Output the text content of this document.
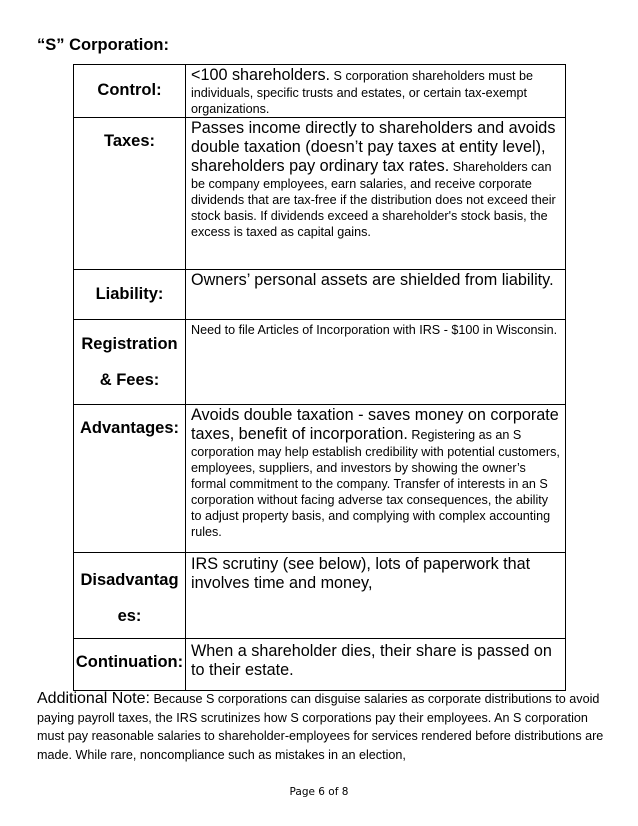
“S” Corporation:
Control:	<100 shareholders. S corporation shareholders must be individuals, specific trusts and estates, or certain tax-exempt organizations.

Taxes:	Passes income directly to shareholders and avoids double taxation (doesn’t pay taxes at entity level), shareholders pay ordinary tax rates. Shareholders can be company employees, earn salaries, and receive corporate dividends that are tax-free if the distribution does not exceed their stock basis. If dividends exceed a shareholder's stock basis, the excess is taxed as capital gains.

Liability:	Owners’ personal assets are shielded from liability.

Registration
& Fees:	Need to file Articles of Incorporation with IRS - $100 in Wisconsin.

Advantages:	Avoids double taxation - saves money on corporate taxes, benefit of incorporation. Registering as an S corporation may help establish credibility with potential customers, employees, suppliers, and investors by showing the owner’s formal commitment to the company. Transfer of interests in an S corporation without facing adverse tax consequences, the ability to adjust property basis, and complying with complex accounting rules.

Disadvantag
es:	IRS scrutiny (see below), lots of paperwork that involves time and money,

Continuation:	When a shareholder dies, their share is passed on to their estate.
Additional Note: Because S corporations can disguise salaries as corporate distributions to avoid paying payroll taxes, the IRS scrutinizes how S corporations pay their employees. An S corporation must pay reasonable salaries to shareholder-employees for services rendered before distributions are made. While rare, noncompliance such as mistakes in an election,
Page 6 of 8
